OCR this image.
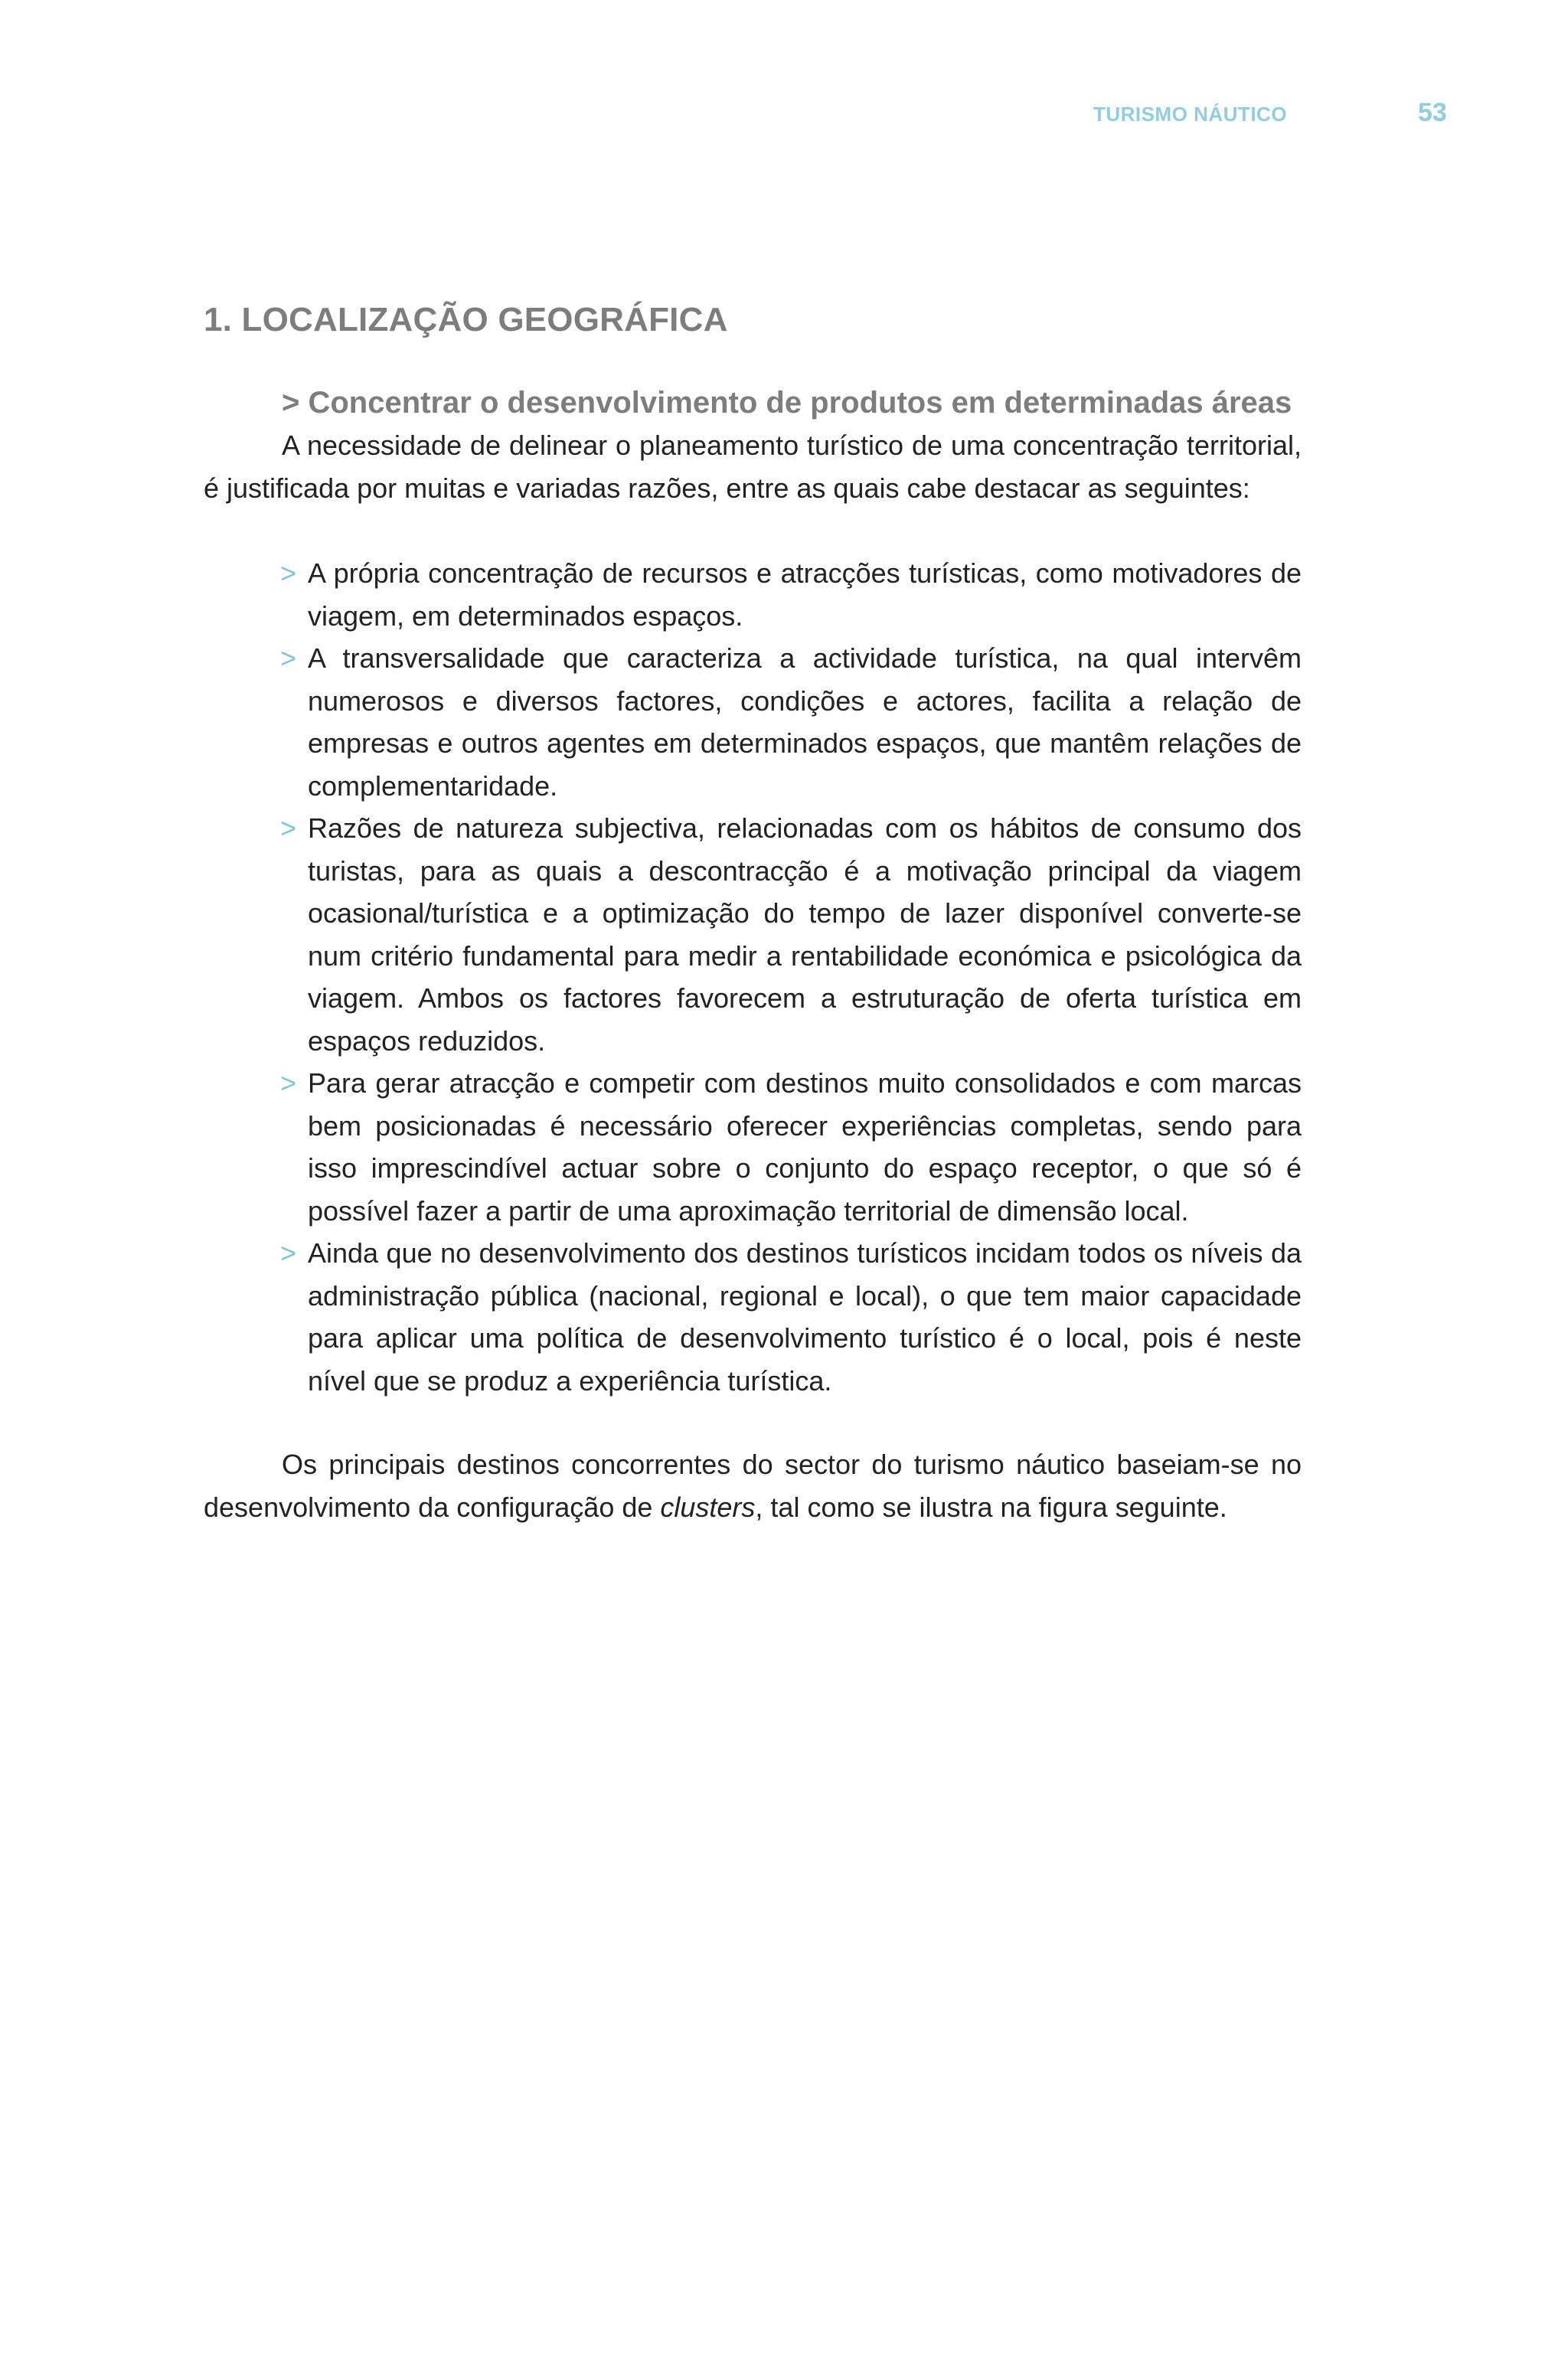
TURISMO NÁUTICO	53
1. LOCALIZAÇÃO GEOGRÁFICA
> Concentrar o desenvolvimento de produtos em determinadas áreas

A necessidade de delinear o planeamento turístico de uma concentração territorial, é justificada por muitas e variadas razões, entre as quais cabe destacar as seguintes:

> A própria concentração de recursos e atracções turísticas, como motivadores de viagem, em determinados espaços.
> A transversalidade que caracteriza a actividade turística, na qual intervêm numerosos e diversos factores, condições e actores, facilita a relação de empresas e outros agentes em determinados espaços, que mantêm relações de complementaridade.
> Razões de natureza subjectiva, relacionadas com os hábitos de consumo dos turistas, para as quais a descontracção é a motivação principal da viagem ocasional/turística e a optimização do tempo de lazer disponível converte-se num critério fundamental para medir a rentabilidade económica e psicológica da viagem. Ambos os factores favorecem a estruturação de oferta turística em espaços reduzidos.
> Para gerar atracção e competir com destinos muito consolidados e com marcas bem posicionadas é necessário oferecer experiências completas, sendo para isso imprescindível actuar sobre o conjunto do espaço receptor, o que só é possível fazer a partir de uma aproximação territorial de dimensão local.
> Ainda que no desenvolvimento dos destinos turísticos incidam todos os níveis da administração pública (nacional, regional e local), o que tem maior capacidade para aplicar uma política de desenvolvimento turístico é o local, pois é neste nível que se produz a experiência turística.

Os principais destinos concorrentes do sector do turismo náutico baseiam-se no desenvolvimento da configuração de clusters, tal como se ilustra na figura seguinte.
